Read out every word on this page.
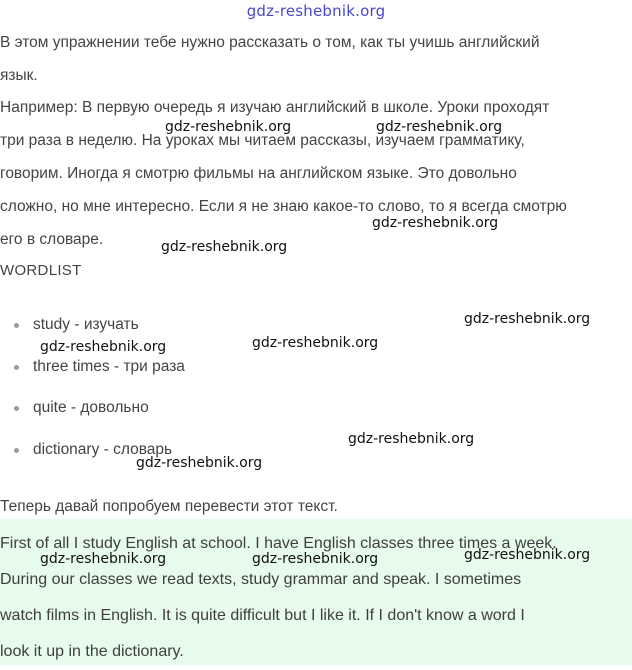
gdz-reshebnik.org

В этом упражнении тебе нужно рассказать о том, как ты учишь английский
язык.

Например: В первую очередь я изучаю английский в школе. Уроки проходят
три раза в неделю. На уроках мы читаем рассказы, изучаем грамматику,
говорим. Иногда я смотрю фильмы на английском языке. Это довольно
сложно, но мне интересно. Если я не знаю какое-то слово, то я всегда смотрю
его в словаре.

WORDLIST
study - изучать
three times - три раза
quite - довольно
dictionary - словарь

Теперь давай попробуем перевести этот текст.

First of all I study English at school. I have English classes three times a week.
During our classes we read texts, study grammar and speak. I sometimes
watch films in English. It is quite difficult but I like it. If I don't know a word I
look it up in the dictionary.

gdz-reshebnik.org	gdz-reshebnik.org
gdz-reshebnik.org
gdz-reshebnik.org
gdz-reshebnik.org
gdz-reshebnik.org
gdz-reshebnik.org
gdz-reshebnik.org
gdz-reshebnik.org
gdz-reshebnik.org
gdz-reshebnik.org	gdz-reshebnik.org
